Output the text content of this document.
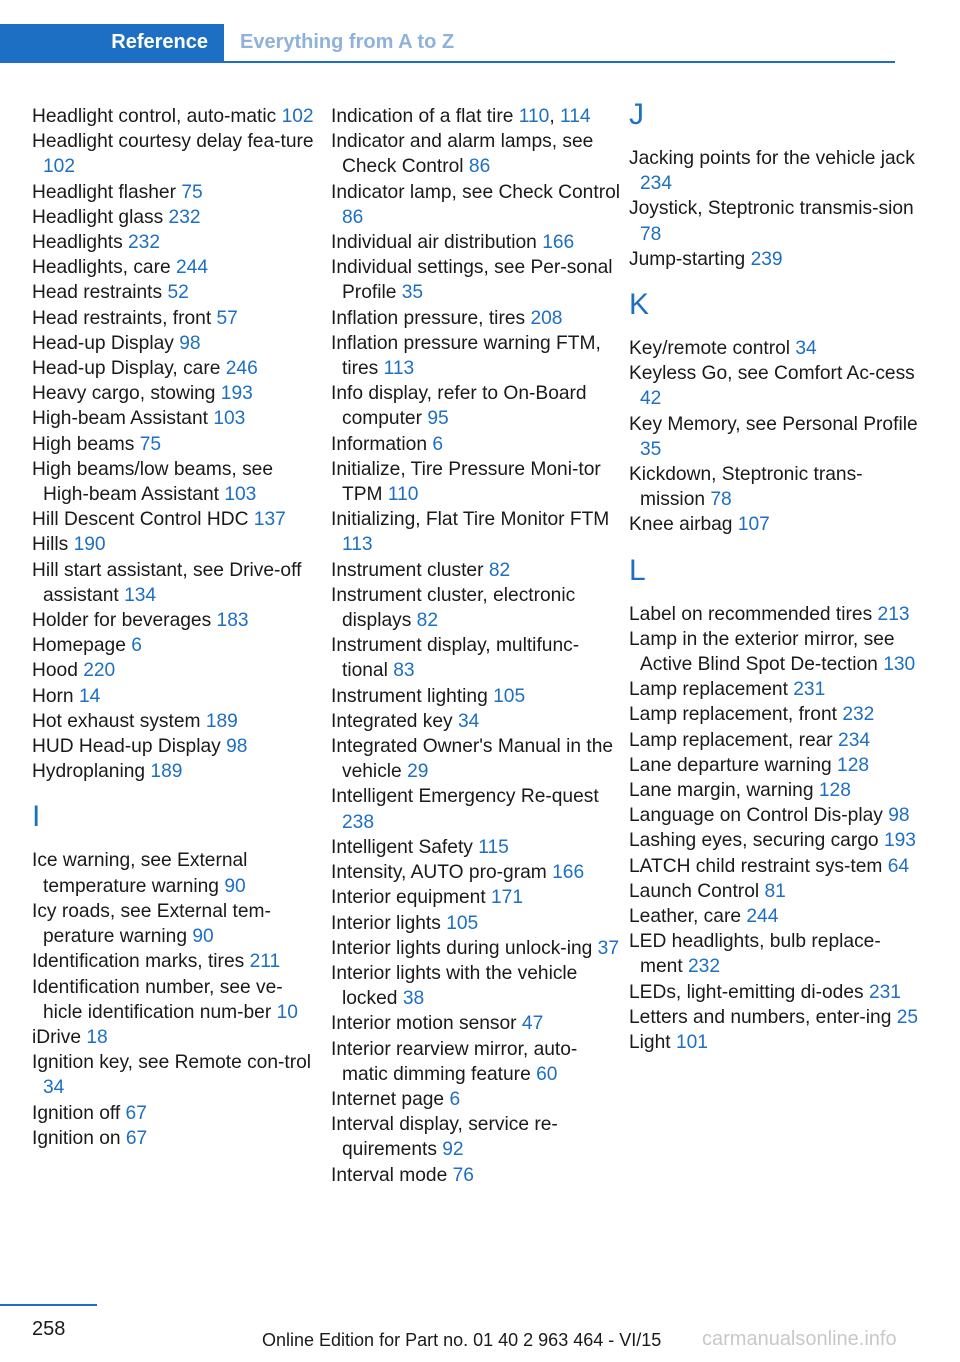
Reference	Everything from A to Z
Headlight control, auto-matic 102
Headlight courtesy delay fea-ture 102
Headlight flasher 75
Headlight glass 232
Headlights 232
Headlights, care 244
Head restraints 52
Head restraints, front 57
Head-up Display 98
Head-up Display, care 246
Heavy cargo, stowing 193
High-beam Assistant 103
High beams 75
High beams/low beams, see High-beam Assistant 103
Hill Descent Control HDC 137
Hills 190
Hill start assistant, see Drive-off assistant 134
Holder for beverages 183
Homepage 6
Hood 220
Horn 14
Hot exhaust system 189
HUD Head-up Display 98
Hydroplaning 189
I
Ice warning, see External temperature warning 90
Icy roads, see External tem-perature warning 90
Identification marks, tires 211
Identification number, see ve-hicle identification num-ber 10
iDrive 18
Ignition key, see Remote con-trol 34
Ignition off 67
Ignition on 67
Indication of a flat tire 110, 114
Indicator and alarm lamps, see Check Control 86
Indicator lamp, see Check Control 86
Individual air distribution 166
Individual settings, see Per-sonal Profile 35
Inflation pressure, tires 208
Inflation pressure warning FTM, tires 113
Info display, refer to On-Board computer 95
Information 6
Initialize, Tire Pressure Moni-tor TPM 110
Initializing, Flat Tire Monitor FTM 113
Instrument cluster 82
Instrument cluster, electronic displays 82
Instrument display, multifunc-tional 83
Instrument lighting 105
Integrated key 34
Integrated Owner's Manual in the vehicle 29
Intelligent Emergency Re-quest 238
Intelligent Safety 115
Intensity, AUTO pro-gram 166
Interior equipment 171
Interior lights 105
Interior lights during unlock-ing 37
Interior lights with the vehicle locked 38
Interior motion sensor 47
Interior rearview mirror, auto-matic dimming feature 60
Internet page 6
Interval display, service re-quirements 92
Interval mode 76
J
Jacking points for the vehicle jack 234
Joystick, Steptronic transmis-sion 78
Jump-starting 239
K
Key/remote control 34
Keyless Go, see Comfort Ac-cess 42
Key Memory, see Personal Profile 35
Kickdown, Steptronic trans-mission 78
Knee airbag 107
L
Label on recommended tires 213
Lamp in the exterior mirror, see Active Blind Spot De-tection 130
Lamp replacement 231
Lamp replacement, front 232
Lamp replacement, rear 234
Lane departure warning 128
Lane margin, warning 128
Language on Control Dis-play 98
Lashing eyes, securing cargo 193
LATCH child restraint sys-tem 64
Launch Control 81
Leather, care 244
LED headlights, bulb replace-ment 232
LEDs, light-emitting di-odes 231
Letters and numbers, enter-ing 25
Light 101
258	Online Edition for Part no. 01 40 2 963 464 - VI/15 carmanualsonline.info
